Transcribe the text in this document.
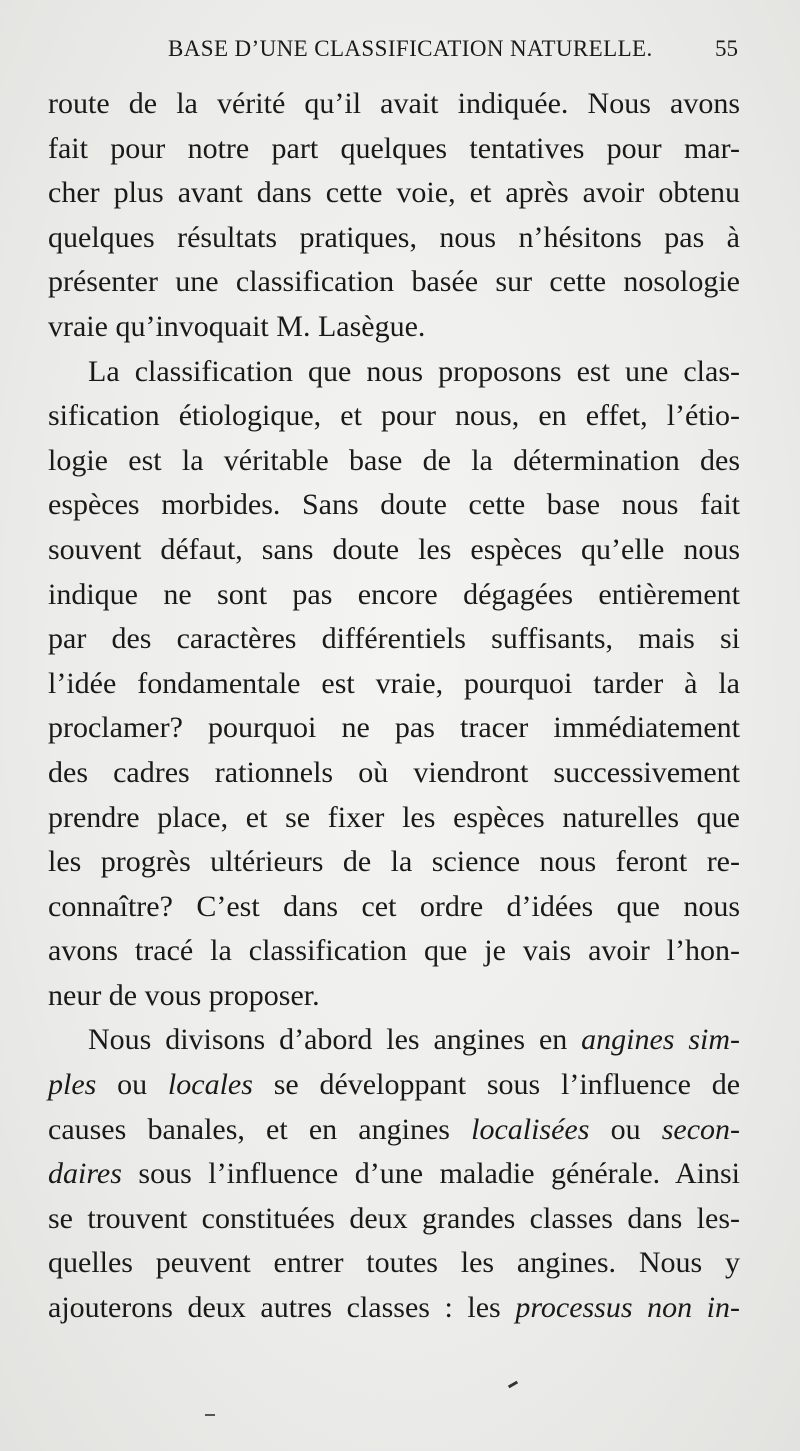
BASE D’UNE CLASSIFICATION NATURELLE.	55
route de la vérité qu’il avait indiquée. Nous avons
fait pour notre part quelques tentatives pour mar-
cher plus avant dans cette voie, et après avoir obtenu
quelques résultats pratiques, nous n’hésitons pas à
présenter une classification basée sur cette nosologie
vraie qu’invoquait M. Lasègue.
La classification que nous proposons est une clas-
sification étiologique, et pour nous, en effet, l’étio-
logie est la véritable base de la détermination des
espèces morbides. Sans doute cette base nous fait
souvent défaut, sans doute les espèces qu’elle nous
indique ne sont pas encore dégagées entièrement
par des caractères différentiels suffisants, mais si
l’idée fondamentale est vraie, pourquoi tarder à la
proclamer? pourquoi ne pas tracer immédiatement
des cadres rationnels où viendront successivement
prendre place, et se fixer les espèces naturelles que
les progrès ultérieurs de la science nous feront re-
connaître? C’est dans cet ordre d’idées que nous
avons tracé la classification que je vais avoir l’hon-
neur de vous proposer.
Nous divisons d’abord les angines en angines sim-
ples ou locales se développant sous l’influence de
causes banales, et en angines localisées ou secon-
daires sous l’influence d’une maladie générale. Ainsi
se trouvent constituées deux grandes classes dans les-
quelles peuvent entrer toutes les angines. Nous y
ajouterons deux autres classes : les processus non in-
